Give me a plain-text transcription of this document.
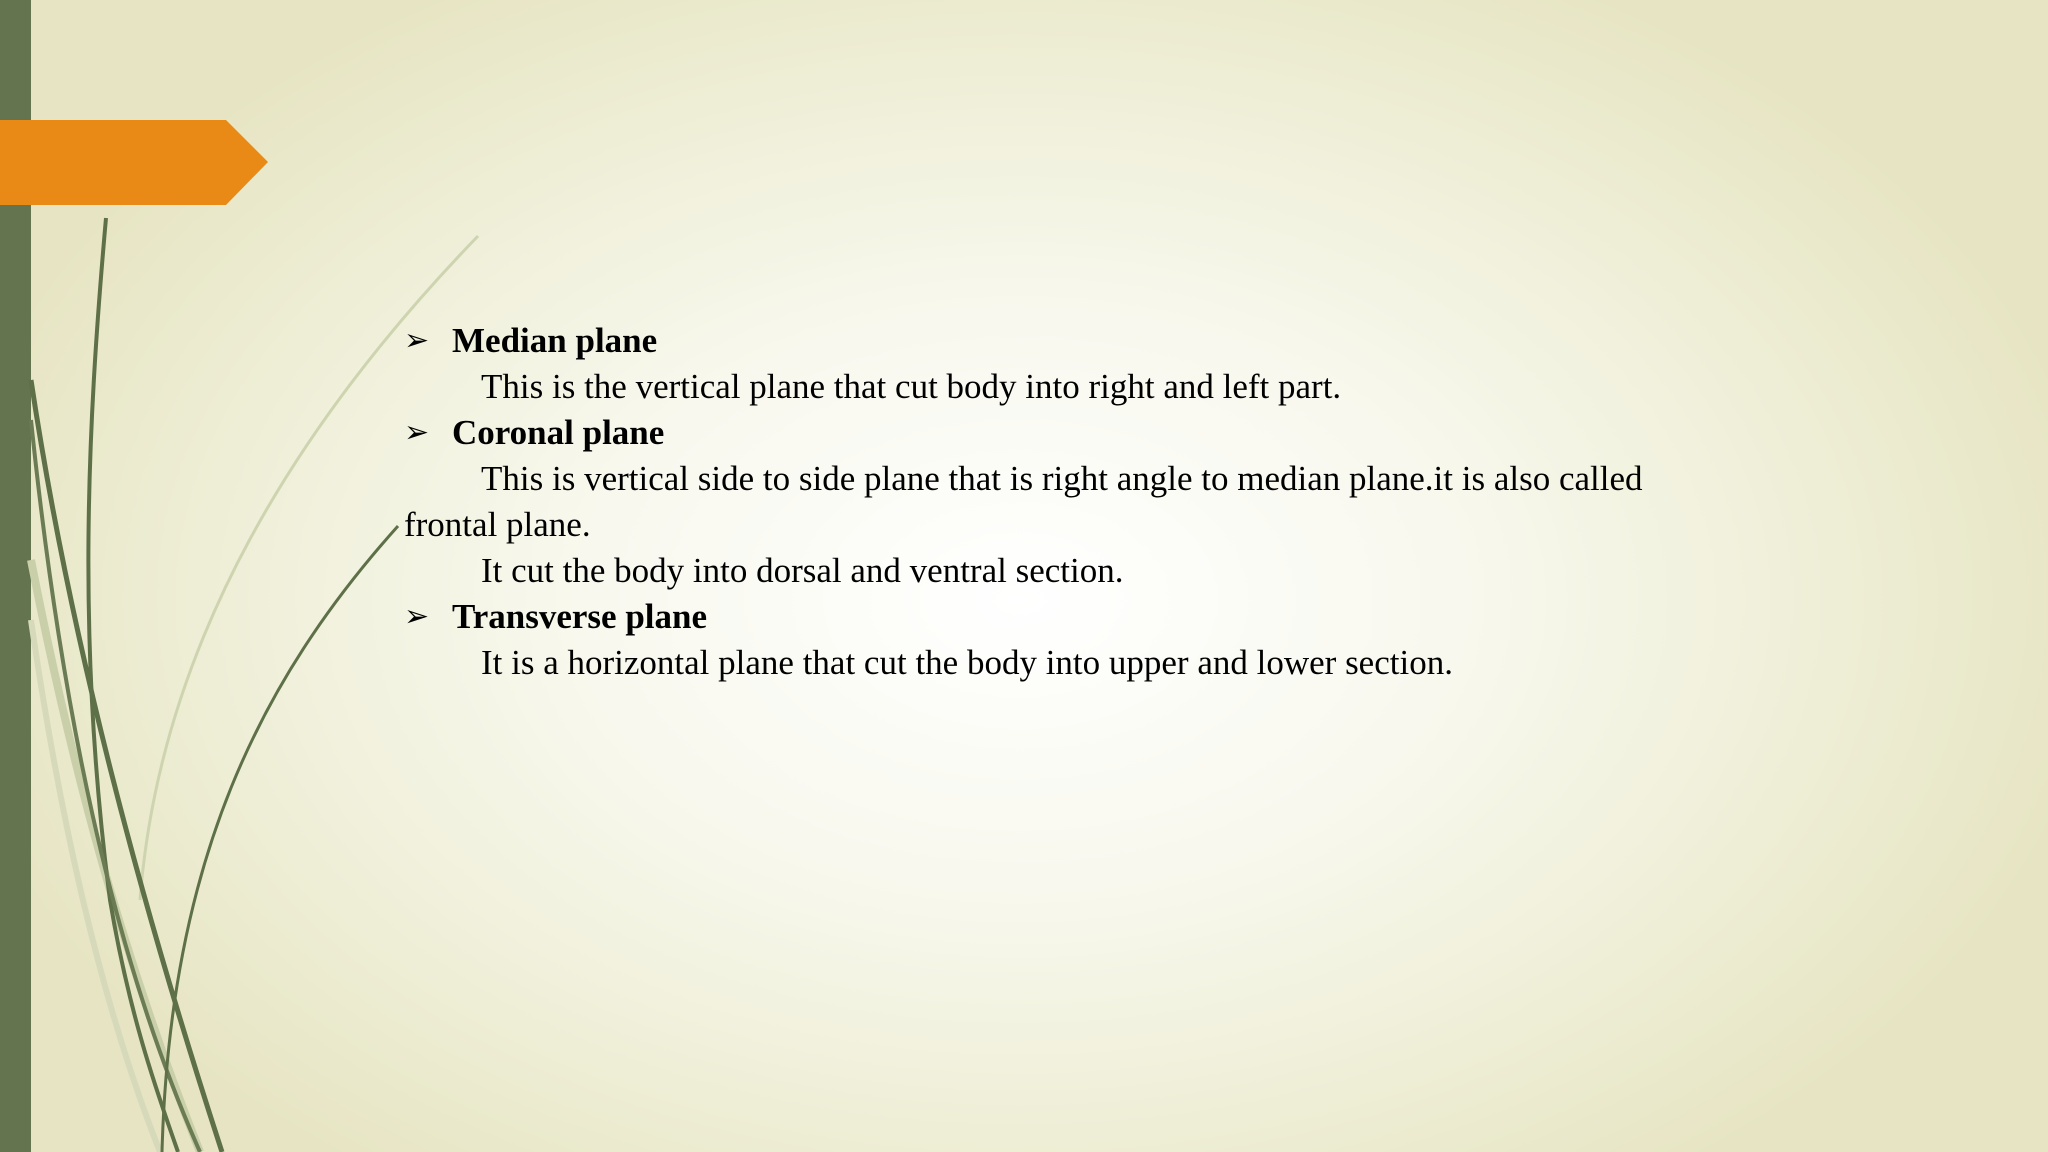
➢ Median plane
This is the vertical plane that cut body into right and left part.
➢ Coronal plane
This is vertical side to side plane that is right angle to median plane.it is also called
frontal plane.
It cut the body into dorsal and ventral section.
➢ Transverse plane
It is a horizontal plane that cut the body into upper and lower section.
